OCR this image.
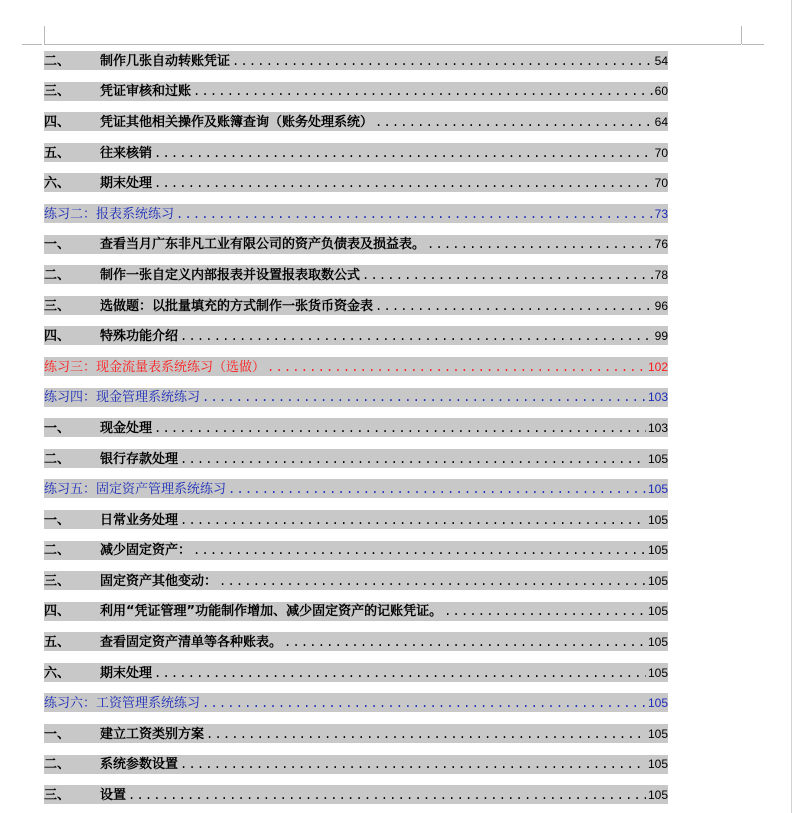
二、	制作几张自动转账凭证 .....	54
三、	凭证审核和过账 .....	60
四、	凭证其他相关操作及账簿查询（账务处理系统） .....	64
五、	往来核销 .....	70
六、	期末处理 .....	70
练习二：报表系统练习 .....	73
一、	查看当月广东非凡工业有限公司的资产负债表及损益表。 .....	76
二、	制作一张自定义内部报表并设置报表取数公式 .....	78
三、	选做题：以批量填充的方式制作一张货币资金表 .....	96
四、	特殊功能介绍 .....	99
练习三：现金流量表系统练习（选做） .....	102
练习四：现金管理系统练习 .....	103
一、	现金处理 .....	103
二、	银行存款处理 .....	105
练习五：固定资产管理系统练习 .....	105
一、	日常业务处理 .....	105
二、	减少固定资产： .....	105
三、	固定资产其他变动： .....	105
四、	利用“凭证管理”功能制作增加、减少固定资产的记账凭证。 .....	105
五、	查看固定资产清单等各种账表。 .....	105
六、	期末处理 .....	105
练习六：工资管理系统练习 .....	105
一、	建立工资类别方案 .....	105
二、	系统参数设置 .....	105
三、	设置 .....	105
